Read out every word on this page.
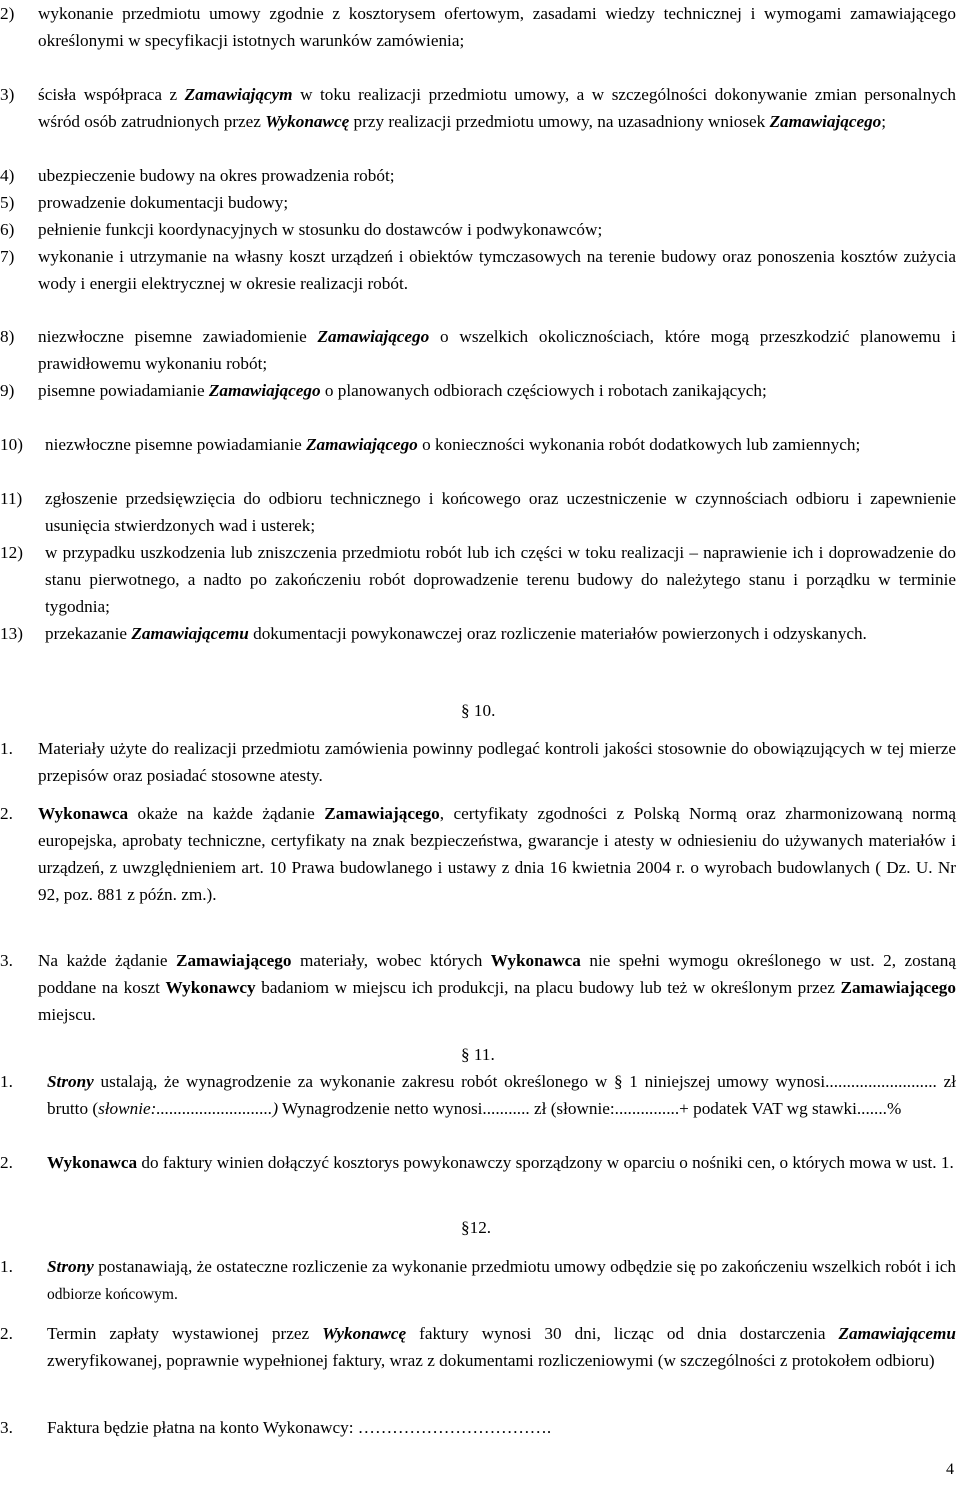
2) wykonanie przedmiotu umowy zgodnie z kosztorysem ofertowym, zasadami wiedzy technicznej i wymogami zamawiającego określonymi w specyfikacji istotnych warunków zamówienia;
3) ścisła współpraca z Zamawiającym w toku realizacji przedmiotu umowy, a w szczególności dokonywanie zmian personalnych wśród osób zatrudnionych przez Wykonawcę przy realizacji przedmiotu umowy, na uzasadniony wniosek Zamawiającego;
4) ubezpieczenie budowy na okres prowadzenia robót;
5) prowadzenie dokumentacji budowy;
6) pełnienie funkcji koordynacyjnych w stosunku do dostawców i podwykonawców;
7) wykonanie i utrzymanie na własny koszt urządzeń i obiektów tymczasowych na terenie budowy oraz ponoszenia kosztów zużycia wody i energii elektrycznej w okresie realizacji robót.
8) niezwłoczne pisemne zawiadomienie Zamawiającego o wszelkich okolicznościach, które mogą przeszkodzić planowemu i prawidłowemu wykonaniu robót;
9) pisemne powiadamianie Zamawiającego o planowanych odbiorach częściowych i robotach zanikających;
10) niezwłoczne pisemne powiadamianie Zamawiającego o konieczności wykonania robót dodatkowych lub zamiennych;
11) zgłoszenie przedsięwzięcia do odbioru technicznego i końcowego oraz uczestniczenie w czynnościach odbioru i zapewnienie usunięcia stwierdzonych wad i usterek;
12) w przypadku uszkodzenia lub zniszczenia przedmiotu robót lub ich części w toku realizacji – naprawienie ich i doprowadzenie do stanu pierwotnego, a nadto po zakończeniu robót doprowadzenie terenu budowy do należytego stanu i porządku w terminie tygodnia;
13) przekazanie Zamawiającemu dokumentacji powykonawczej oraz rozliczenie materiałów powierzonych i odzyskanych.
§ 10.
1. Materiały użyte do realizacji przedmiotu zamówienia powinny podlegać kontroli jakości stosownie do obowiązujących w tej mierze przepisów oraz posiadać stosowne atesty.
2. Wykonawca okaże na każde żądanie Zamawiającego, certyfikaty zgodności z Polską Normą oraz zharmonizowaną normą europejska, aprobaty techniczne, certyfikaty na znak bezpieczeństwa, gwarancje i atesty w odniesieniu do używanych materiałów i urządzeń, z uwzględnieniem art. 10 Prawa budowlanego i ustawy z dnia 16 kwietnia 2004 r. o wyrobach budowlanych ( Dz. U. Nr 92, poz. 881 z późn. zm.).
3. Na każde żądanie Zamawiającego materiały, wobec których Wykonawca nie spełni wymogu określonego w ust. 2, zostaną poddane na koszt Wykonawcy badaniom w miejscu ich produkcji, na placu budowy lub też w określonym przez Zamawiającego miejscu.
§ 11.
1. Strony ustalają, że wynagrodzenie za wykonanie zakresu robót określonego w § 1 niniejszej umowy wynosi.......................... zł brutto (słownie:...........................) Wynagrodzenie netto wynosi........... zł (słownie:...............+ podatek VAT wg stawki.......%
2. Wykonawca do faktury winien dołączyć kosztorys powykonawczy sporządzony w oparciu o nośniki cen, o których mowa w ust. 1.
§12.
1. Strony postanawiają, że ostateczne rozliczenie za wykonanie przedmiotu umowy odbędzie się po zakończeniu wszelkich robót i ich odbiorze końcowym.
2. Termin zapłaty wystawionej przez Wykonawcę faktury wynosi 30 dni, licząc od dnia dostarczenia Zamawiającemu zweryfikowanej, poprawnie wypełnionej faktury, wraz z dokumentami rozliczeniowymi (w szczególności z protokołem odbioru)
3. Faktura będzie płatna na konto Wykonawcy: …………………………….
4
